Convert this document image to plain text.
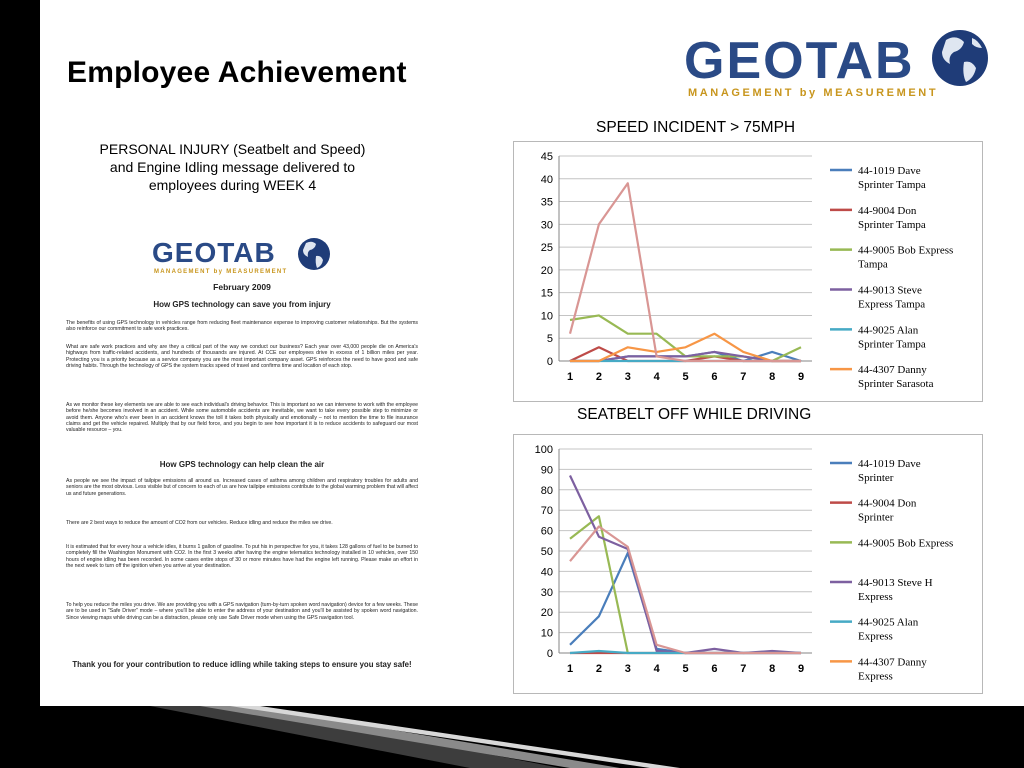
Employee Achievement	GEOTAB
MANAGEMENT by MEASUREMENT
PERSONAL INJURY (Seatbelt and Speed)
and Engine Idling message delivered to
employees during WEEK 4
GEOTAB
MANAGEMENT by MEASUREMENT
February 2009
How GPS technology can save you from injury
The benefits of using GPS technology in vehicles range from reducing fleet maintenance expense to improving customer relationships. But the systems also reinforce our commitment to safe work practices.
What are safe work practices and why are they a critical part of the way we conduct our business? Each year over 43,000 people die on America's highways from traffic-related accidents, and hundreds of thousands are injured. At CCE our employees drive in excess of 1 billion miles per year. Protecting you is a priority because as a service company you are the most important company asset. GPS reinforces the need to have good and safe driving habits. Through the technology of GPS the system tracks speed of travel and confirms time and location of each stop.
As we monitor these key elements we are able to see each individual's driving behavior. This is important so we can intervene to work with the employee before he/she becomes involved in an accident. While some automobile accidents are inevitable, we want to take every possible step to minimize or avoid them. Anyone who's ever been in an accident knows the toll it takes both physically and emotionally – not to mention the time to file insurance claims and get the vehicle repaired. Multiply that by our field force, and you begin to see how important it is to reduce accidents to safeguard our most valuable resource – you.
How GPS technology can help clean the air
As people we see the impact of tailpipe emissions all around us. Increased cases of asthma among children and respiratory troubles for adults and seniors are the most obvious. Less visible but of concern to each of us are how tailpipe emissions contribute to the global warming problem that will affect us and future generations.
There are 2 best ways to reduce the amount of CO2 from our vehicles. Reduce idling and reduce the miles we drive.
It is estimated that for every hour a vehicle idles, it burns 1 gallon of gasoline. To put his in perspective for you, it takes 128 gallons of fuel to be burned to completely fill the Washington Monument with CO2. In the first 3 weeks after having the engine telematics technology installed in 10 vehicles, over 150 hours of engine idling has been recorded. In some cases entire stops of 30 or more minutes have had the engine left running. Please make an effort in the next week to turn off the ignition when you arrive at your destination.
To help you reduce the miles you drive. We are providing you with a GPS navigation (turn-by-turn spoken word navigation) device for a few weeks. These are to be used in "Safe Driver" mode – where you'll be able to enter the address of your destination and you'll be assisted by spoken word navigation. Since viewing maps while driving can be a distraction, please only use Safe Driver mode when using the GPS navigation tool.
Thank you for your contribution to reduce idling while taking steps to ensure you stay safe!
SPEED INCIDENT > 75MPH
0
5
10
15
20
25
30
35
40
45
1 2 3 4 5 6 7 8 9
44-1019 Dave
Sprinter Tampa
44-9004 Don
Sprinter Tampa
44-9005 Bob Express
Tampa
44-9013 Steve
Express Tampa
44-9025 Alan
Sprinter Tampa
44-4307 Danny
Sprinter Sarasota
SEATBELT OFF WHILE DRIVING
0
10
20
30
40
50
60
70
80
90
100
1 2 3 4 5 6 7 8 9
44-1019 Dave
Sprinter
44-9004 Don
Sprinter
44-9005 Bob Express
44-9013 Steve H
Express
44-9025 Alan
Express
44-4307 Danny
Express
